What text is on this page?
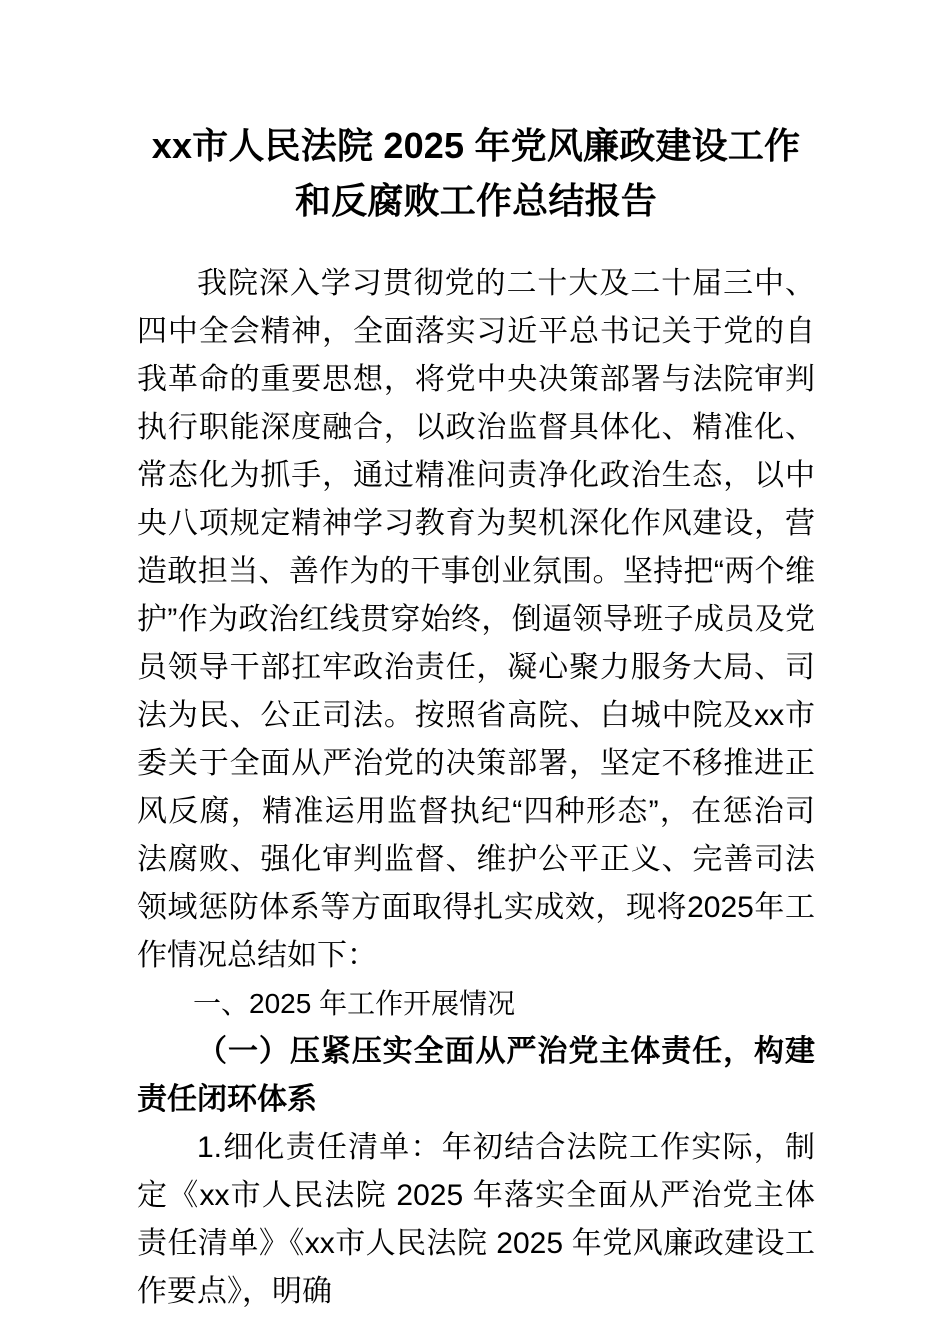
xx市人民法院 2025 年党风廉政建设工作
和反腐败工作总结报告

我院深入学习贯彻党的二十大及二十届三中、四中全会精神，全面落实习近平总书记关于党的自我革命的重要思想，将党中央决策部署与法院审判执行职能深度融合，以政治监督具体化、精准化、常态化为抓手，通过精准问责净化政治生态，以中央八项规定精神学习教育为契机深化作风建设，营造敢担当、善作为的干事创业氛围。坚持把“两个维护”作为政治红线贯穿始终，倒逼领导班子成员及党员领导干部扛牢政治责任，凝心聚力服务大局、司法为民、公正司法。按照省高院、白城中院及xx市委关于全面从严治党的决策部署，坚定不移推进正风反腐，精准运用监督执纪“四种形态”，在惩治司法腐败、强化审判监督、维护公平正义、完善司法领域惩防体系等方面取得扎实成效，现将2025年工作情况总结如下：

一、2025 年工作开展情况

（一）压紧压实全面从严治党主体责任，构建责任闭环体系

1.细化责任清单：年初结合法院工作实际，制定《xx市人民法院 2025 年落实全面从严治党主体责任清单》《xx市人民法院 2025 年党风廉政建设工作要点》，明确
